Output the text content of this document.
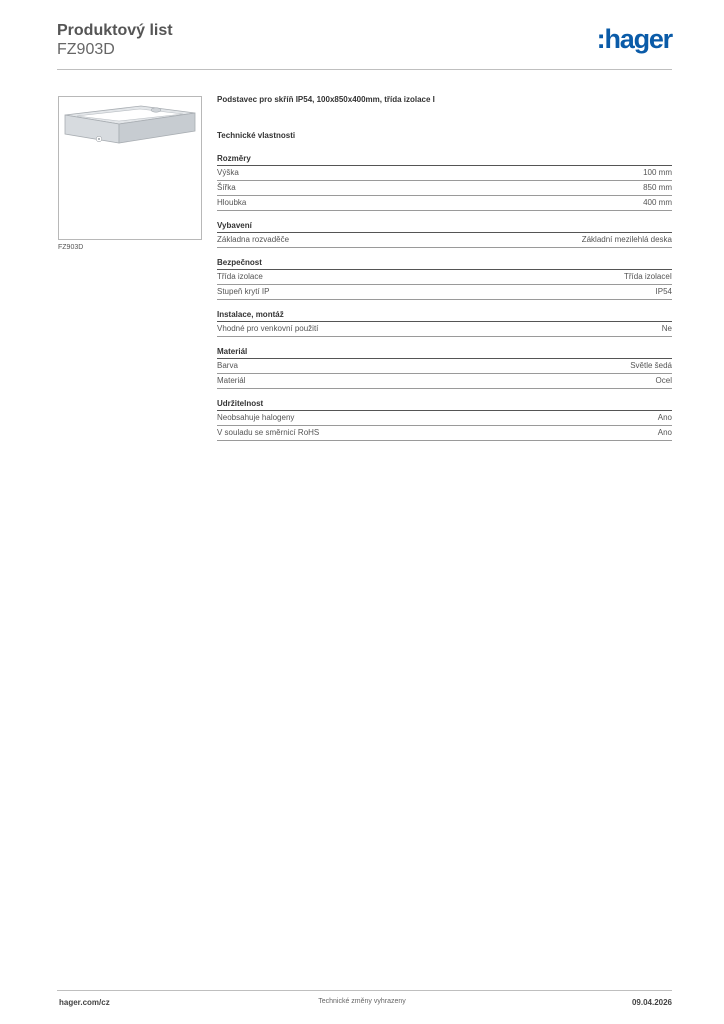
Produktový list
FZ903D	:hager
FZ903D
Podstavec pro skříň IP54, 100x850x400mm, třída izolace I
Technické vlastnosti
Rozměry
Výška	100 mm
Šířka	850 mm
Hloubka	400 mm
Vybavení
Základna rozvaděče	Základní mezilehlá deska
Bezpečnost
Třída izolace	Třída izolaceI
Stupeň krytí IP	IP54
Instalace, montáž
Vhodné pro venkovní použití	Ne
Materiál
Barva	Světle šedá
Materiál	Ocel
Udržitelnost
Neobsahuje halogeny	Ano
V souladu se směrnicí RoHS	Ano
hager.com/cz	Technické změny vyhrazeny	09.04.2026
